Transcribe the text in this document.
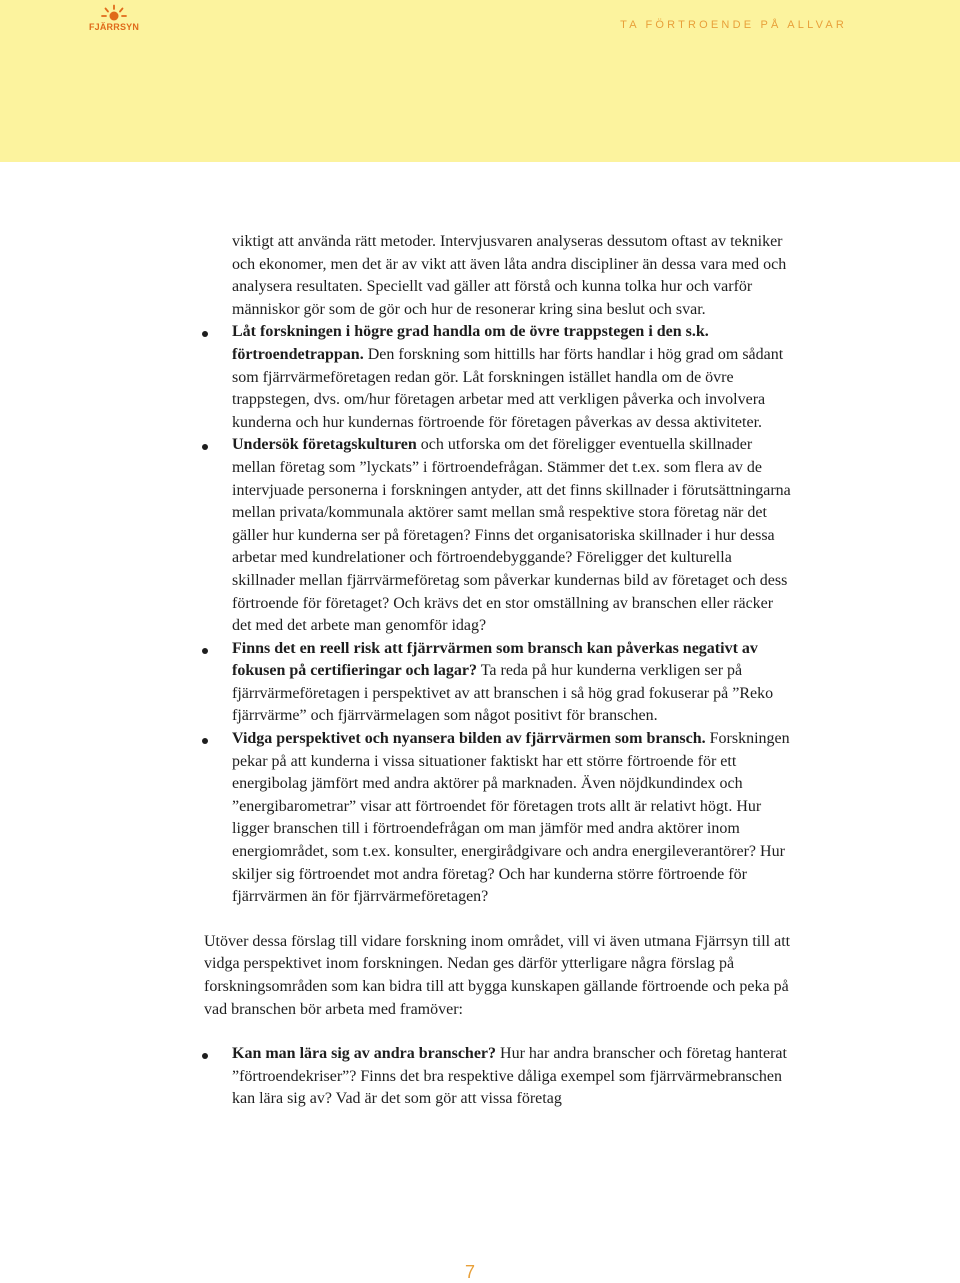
FJÄRRSYN	TA FÖRTROENDE PÅ ALLVAR

viktigt att använda rätt metoder. Intervjusvaren analyseras dessutom oftast av tekniker och ekonomer, men det är av vikt att även låta andra discipliner än dessa vara med och analysera resultaten. Speciellt vad gäller att förstå och kunna tolka hur och varför människor gör som de gör och hur de resonerar kring sina beslut och svar.

Låt forskningen i högre grad handla om de övre trappstegen i den s.k. förtroendetrappan. Den forskning som hittills har förts handlar i hög grad om sådant som fjärrvärmeföretagen redan gör. Låt forskningen istället handla om de övre trappstegen, dvs. om/hur företagen arbetar med att verkligen påverka och involvera kunderna och hur kundernas förtroende för företagen påverkas av dessa aktiviteter.
Undersök företagskulturen och utforska om det föreligger eventuella skillnader mellan företag som ”lyckats” i förtroendefrågan. Stämmer det t.ex. som flera av de intervjuade personerna i forskningen antyder, att det finns skillnader i förutsättningarna mellan privata/kommunala aktörer samt mellan små respektive stora företag när det gäller hur kunderna ser på företagen? Finns det organisatoriska skillnader i hur dessa arbetar med kundrelationer och förtroendebyggande? Föreligger det kulturella skillnader mellan fjärrvärmeföretag som påverkar kundernas bild av företaget och dess förtroende för företaget? Och krävs det en stor omställning av branschen eller räcker det med det arbete man genomför idag?
Finns det en reell risk att fjärrvärmen som bransch kan påverkas negativt av fokusen på certifieringar och lagar? Ta reda på hur kunderna verkligen ser på fjärrvärmeföretagen i perspektivet av att branschen i så hög grad fokuserar på ”Reko fjärrvärme” och fjärrvärmelagen som något positivt för branschen.
Vidga perspektivet och nyansera bilden av fjärrvärmen som bransch. Forskningen pekar på att kunderna i vissa situationer faktiskt har ett större förtroende för ett energibolag jämfört med andra aktörer på marknaden. Även nöjdkundindex och ”energibarometrar” visar att förtroendet för företagen trots allt är relativt högt. Hur ligger branschen till i förtroendefrågan om man jämför med andra aktörer inom energiområdet, som t.ex. konsulter, energirådgivare och andra energileverantörer? Hur skiljer sig förtroendet mot andra företag? Och har kunderna större förtroende för fjärrvärmen än för fjärrvärmeföretagen?

Utöver dessa förslag till vidare forskning inom området, vill vi även utmana Fjärrsyn till att vidga perspektivet inom forskningen. Nedan ges därför ytterligare några förslag på forskningsområden som kan bidra till att bygga kunskapen gällande förtroende och peka på vad branschen bör arbeta med framöver:

Kan man lära sig av andra branscher? Hur har andra branscher och företag hanterat ”förtroendekriser”? Finns det bra respektive dåliga exempel som fjärrvärmebranschen kan lära sig av? Vad är det som gör att vissa företag
7
